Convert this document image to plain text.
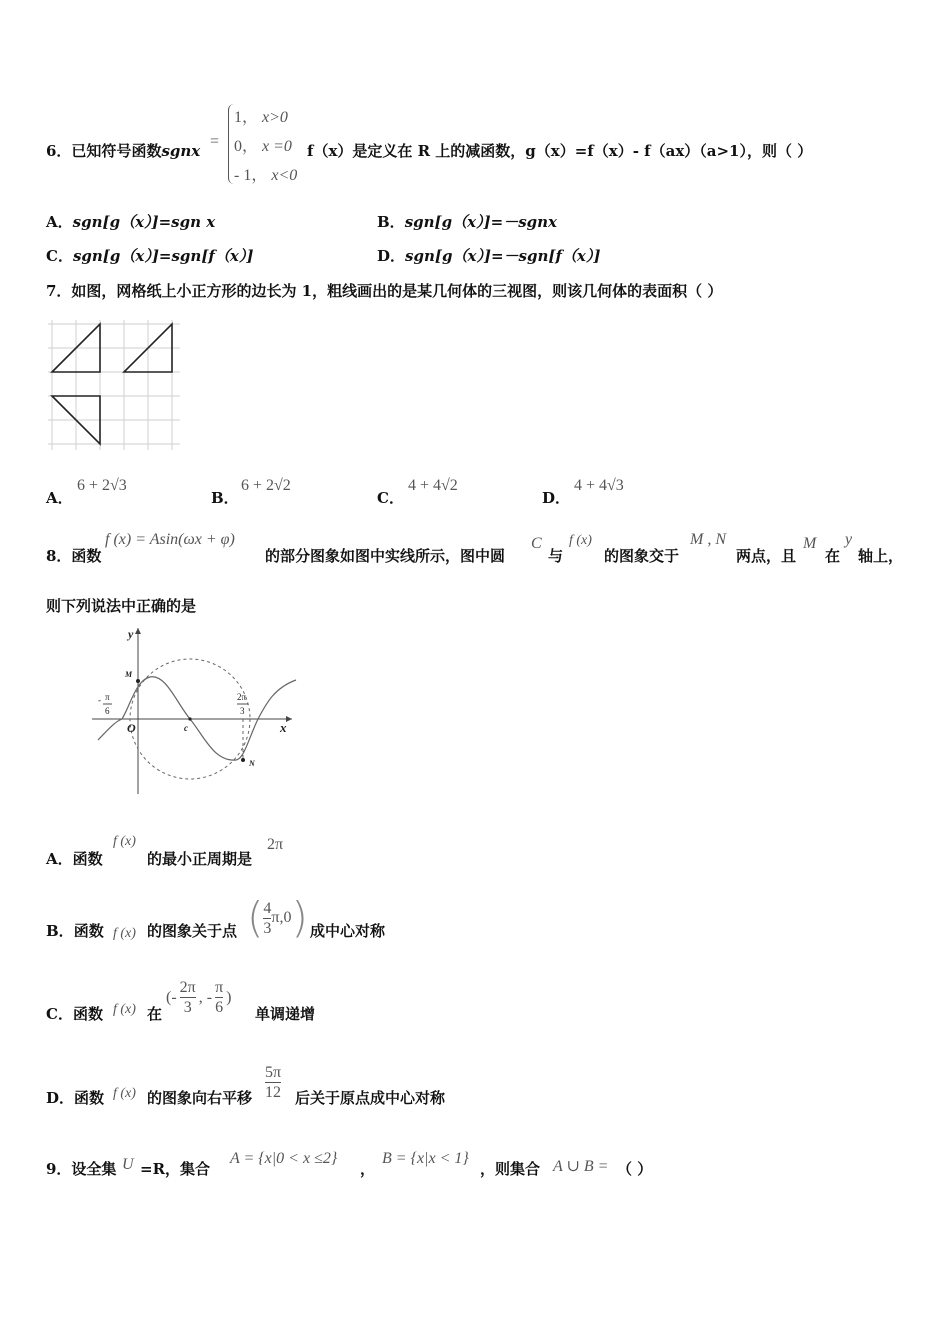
6．已知符号函数sgnx
=
1， x>0
0， x =0
- 1， x<0
f（x）是定义在 R 上的减函数，g（x）=f（x）- f（ax）（a>1），则（ ）
A．sgn[g（x）]=sgn x	B．sgn[g（x）]=－sgnx
C．sgn[g（x）]=sgn[f（x）]	D．sgn[g（x）]=－sgn[f（x）]
7．如图，网格纸上小正方形的边长为 1，粗线画出的是某几何体的三视图，则该几何体的表面积（ ）
A．
6 + 2√3
B．
6 + 2√2
C．
4 + 4√2
D．
4 + 4√3
8．函数
f (x) = Asin(ωx + φ)
的部分图象如图中实线所示，图中圆
C
与
f (x)
的图象交于
M , N
两点，且
M
在
y
轴上，
则下列说法中正确的是
y
x
O
M
N
c
- π
6
2π
3
A．函数
f (x)
的最小正周期是
2π
B．函数 f (x) 的图象关于点 ( $\frac{4}{3} \pi,0$ ) 成中心对称
C．函数 f (x) 在
(- $\frac{2\pi}{3}$ , - $\frac{\pi}{6}$ )
单调递增
D．函数 f (x) 的图象向右平移 $\frac{5\pi}{12}$ 后关于原点成中心对称
9．设全集 U =R，集合
A = {x|0 < x ≤2}
，
B = {x|x < 1}
，则集合 A ∪ B = （ ）
